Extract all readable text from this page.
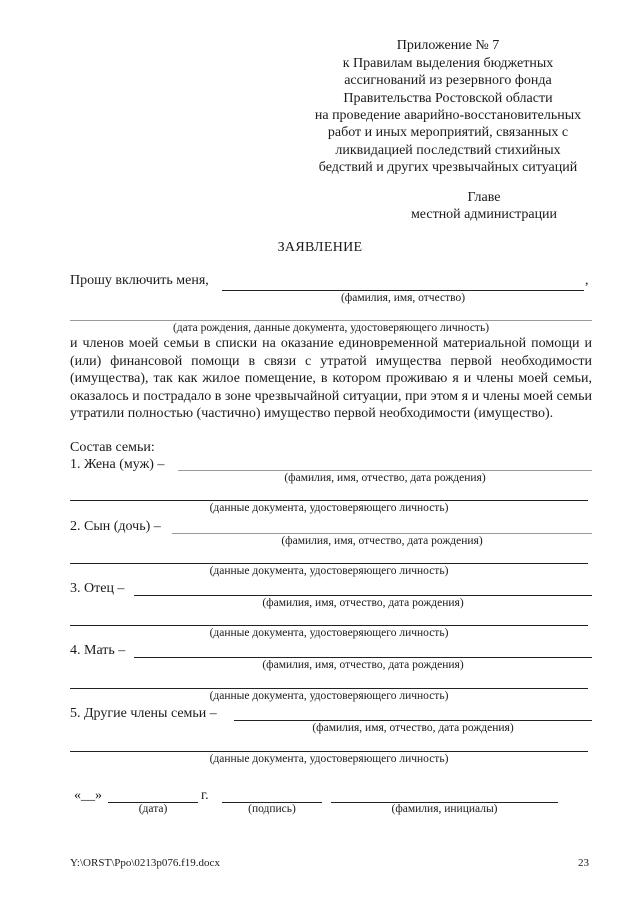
Приложение № 7
к Правилам выделения бюджетных
ассигнований из резервного фонда
Правительства Ростовской области
на проведение аварийно-восстановительных
работ и иных мероприятий, связанных с
ликвидацией последствий стихийных
бедствий и других чрезвычайных ситуаций
Главе
местной администрации
ЗАЯВЛЕНИЕ
Прошу включить меня,	,
(фамилия, имя, отчество)
(дата рождения, данные документа, удостоверяющего личность)
и членов моей семьи в списки на оказание единовременной материальной помощи и (или) финансовой помощи в связи с утратой имущества первой необходимости (имущества), так как жилое помещение, в котором проживаю я и члены моей семьи, оказалось и пострадало в зоне чрезвычайной ситуации, при этом я и члены моей семьи утратили полностью (частично) имущество первой необходимости (имущество).
Состав семьи:
1. Жена (муж) –
(фамилия, имя, отчество, дата рождения)
(данные документа, удостоверяющего личность)
2. Сын (дочь) –
(фамилия, имя, отчество, дата рождения)
(данные документа, удостоверяющего личность)
3. Отец –
(фамилия, имя, отчество, дата рождения)
(данные документа, удостоверяющего личность)
4. Мать –
(фамилия, имя, отчество, дата рождения)
(данные документа, удостоверяющего личность)
5. Другие члены семьи –
(фамилия, имя, отчество, дата рождения)
(данные документа, удостоверяющего личность)
«__»	г.
(дата)	(подпись)	(фамилия, инициалы)
Y:\ORST\Ppo\0213p076.f19.docx	23
